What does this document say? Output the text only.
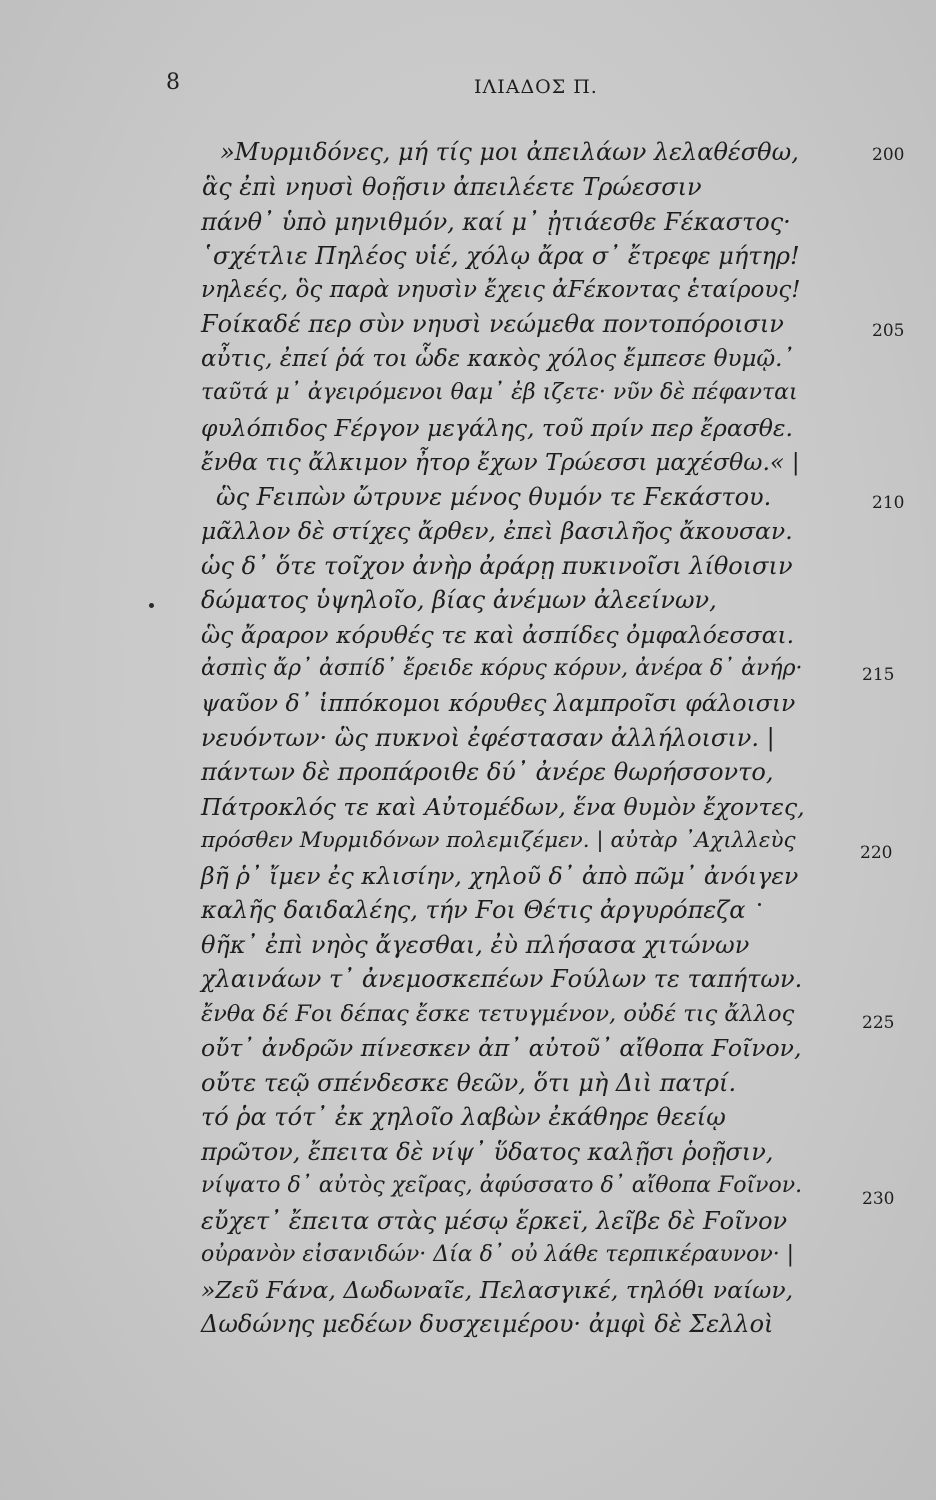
8	ΙΛΙΑΔΟΣ Π.
»Μυρμιδόνες, μή τίς μοι ἀπειλάων λελαθέσθω,
ἃς ἐπὶ νηυσὶ θοῇσιν ἀπειλέετε Τρώεσσιν
πάνθ᾽ ὑπὸ μηνιθμόν, καί μ᾽ ᾐτιάεσθε Ϝέκαστος·
῾σχέτλιε Πηλέος υἱέ, χόλῳ ἄρα σ᾽ ἔτρεφε μήτηρ!
νηλεές, ὃς παρὰ νηυσὶν ἔχεις ἀϜέκοντας ἑταίρους!
Ϝοίκαδέ περ σὺν νηυσὶ νεώμεθα ποντοπόροισιν
αὖτις, ἐπεί ῥά τοι ὧδε κακὸς χόλος ἔμπεσε θυμῷ.᾽
ταῦτά μ᾽ ἀγειρόμενοι θαμ᾽ ἐβ ιζετε· νῦν δὲ πέφανται
φυλόπιδος Ϝέργον μεγάλης, τοῦ πρίν περ ἔρασθε.
ἔνθα τις ἄλκιμον ἦτορ ἔχων Τρώεσσι μαχέσθω.« |
ὣς Ϝειπὼν ὤτρυνε μένος θυμόν τε Ϝεκάστου.
μᾶλλον δὲ στίχες ἄρθεν, ἐπεὶ βασιλῆος ἄκουσαν.
ὡς δ᾽ ὅτε τοῖχον ἀνὴρ ἀράρῃ πυκινοῖσι λίθοισιν
δώματος ὑψηλοῖο, βίας ἀνέμων ἀλεείνων,
ὣς ἄραρον κόρυθές τε καὶ ἀσπίδες ὀμφαλόεσσαι.
ἀσπὶς ἄρ᾽ ἀσπίδ᾽ ἔρειδε κόρυς κόρυν, ἀνέρα δ᾽ ἀνήρ·
ψαῦον δ᾽ ἱππόκομοι κόρυθες λαμπροῖσι φάλοισιν
νευόντων· ὣς πυκνοὶ ἐφέστασαν ἀλλήλοισιν. |
πάντων δὲ προπάροιθε δύ᾽ ἀνέρε θωρήσσοντο,
Πάτροκλός τε καὶ Αὐτομέδων, ἕνα θυμὸν ἔχοντες,
πρόσθεν Μυρμιδόνων πολεμιζέμεν. | αὐτὰρ ᾽Αχιλλεὺς
βῆ ῥ᾽ ἴμεν ἐς κλισίην, χηλοῦ δ᾽ ἀπὸ πῶμ᾽ ἀνόιγεν
καλῆς δαιδαλέης, τήν Ϝοι Θέτις ἀργυρόπεζα
θῆκ᾽ ἐπὶ νηὸς ἄγεσθαι, ἐὺ πλήσασα χιτώνων
χλαινάων τ᾽ ἀνεμοσκεπέων Ϝούλων τε ταπήτων.
ἔνθα δέ Ϝοι δέπας ἔσκε τετυγμένον, οὐδέ τις ἄλλος
οὔτ᾽ ἀνδρῶν πίνεσκεν ἀπ᾽ αὐτοῦ᾽ αἴθοπα Ϝοῖνον,
οὔτε τεῷ σπένδεσκε θεῶν, ὅτι μὴ Διὶ πατρί.
τό ῥα τότ᾽ ἐκ χηλοῖο λαβὼν ἐκάθηρε θεείῳ
πρῶτον, ἔπειτα δὲ νίψ᾽ ὕδατος καλῇσι ῥοῇσιν,
νίψατο δ᾽ αὐτὸς χεῖρας, ἀφύσσατο δ᾽ αἴθοπα Ϝοῖνον.
εὔχετ᾽ ἔπειτα στὰς μέσῳ ἕρκεϊ, λεῖβε δὲ Ϝοῖνον
οὐρανὸν εἰσανιδών· Δία δ᾽ οὐ λάθε τερπικέραυνον· |
»Ζεῦ Ϝάνα, Δωδωναῖε, Πελασγικέ, τηλόθι ναίων,
Δωδώνης μεδέων δυσχειμέρου· ἀμφὶ δὲ Σελλοὶ
200
205
210
215
220
225
230
